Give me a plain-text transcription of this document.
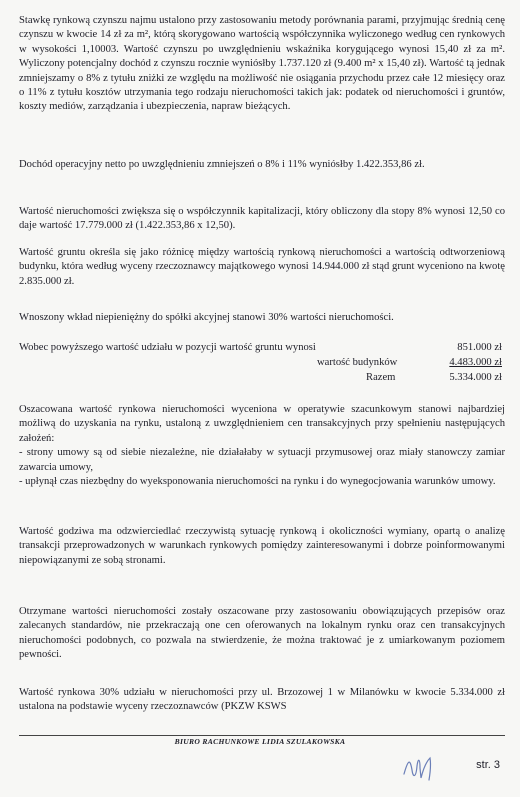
Stawkę rynkową czynszu najmu ustalono przy zastosowaniu metody porównania parami, przyjmując średnią cenę czynszu w kwocie 14 zł za m², którą skorygowano wartością współczynnika wyliczonego według cen rynkowych w wysokości 1,10003. Wartość czynszu po uwzględnieniu wskaźnika korygującego wynosi 15,40 zł za m². Wyliczony potencjalny dochód z czynszu rocznie wyniósłby 1.737.120 zł (9.400 m² x 15,40 zł). Wartość tą jednak zmniejszamy o 8% z tytułu zniżki ze względu na możliwość nie osiągania przychodu przez całe 12 miesięcy oraz o 11% z tytułu kosztów utrzymania tego rodzaju nieruchomości takich jak: podatek od nieruchomości i gruntów, koszty mediów, zarządzania i ubezpieczenia, napraw bieżących.

Dochód operacyjny netto po uwzględnieniu zmniejszeń o 8% i 11% wyniósłby 1.422.353,86 zł.

Wartość nieruchomości zwiększa się o współczynnik kapitalizacji, który obliczony dla stopy 8% wynosi 12,50 co daje wartość 17.779.000 zł (1.422.353,86 x 12,50).

Wartość gruntu określa się jako różnicę między wartością rynkową nieruchomości a wartością odtworzeniową budynku, która według wyceny rzeczoznawcy majątkowego wynosi 14.944.000 zł stąd grunt wyceniono na kwotę 2.835.000 zł.

Wnoszony wkład niepieniężny do spółki akcyjnej stanowi 30% wartości nieruchomości.

Wobec powyższego wartość udziału w pozycji wartość gruntu wynosi	851.000 zł
wartość budynków	4.483.000 zł
Razem	5.334.000 zł

Oszacowana wartość rynkowa nieruchomości wyceniona w operatywie szacunkowym stanowi najbardziej możliwą do uzyskania na rynku, ustaloną z uwzględnieniem cen transakcyjnych przy spełnieniu następujących założeń:
- strony umowy są od siebie niezależne, nie działałaby w sytuacji przymusowej oraz miały stanowczy zamiar zawarcia umowy,
- upłynął czas niezbędny do wyeksponowania nieruchomości na rynku i do wynegocjowania warunków umowy.

Wartość godziwa ma odzwierciedlać rzeczywistą sytuację rynkową i okoliczności wymiany, opartą o analizę transakcji przeprowadzonych w warunkach rynkowych pomiędzy zainteresowanymi i dobrze poinformowanymi niepowiązanymi ze sobą stronami.

Otrzymane wartości nieruchomości zostały oszacowane przy zastosowaniu obowiązujących przepisów oraz zalecanych standardów, nie przekraczają one cen oferowanych na lokalnym rynku oraz cen transakcyjnych nieruchomości podobnych, co pozwala na stwierdzenie, że można traktować je z umiarkowanym poziomem pewności.

Wartość rynkowa 30% udziału w nieruchomości przy ul. Brzozowej 1 w Milanówku w kwocie 5.334.000 zł ustalona na podstawie wyceny rzeczoznawców (PKZW KSWS

BIURO RACHUNKOWE LIDIA SZULAKOWSKA
str. 3
